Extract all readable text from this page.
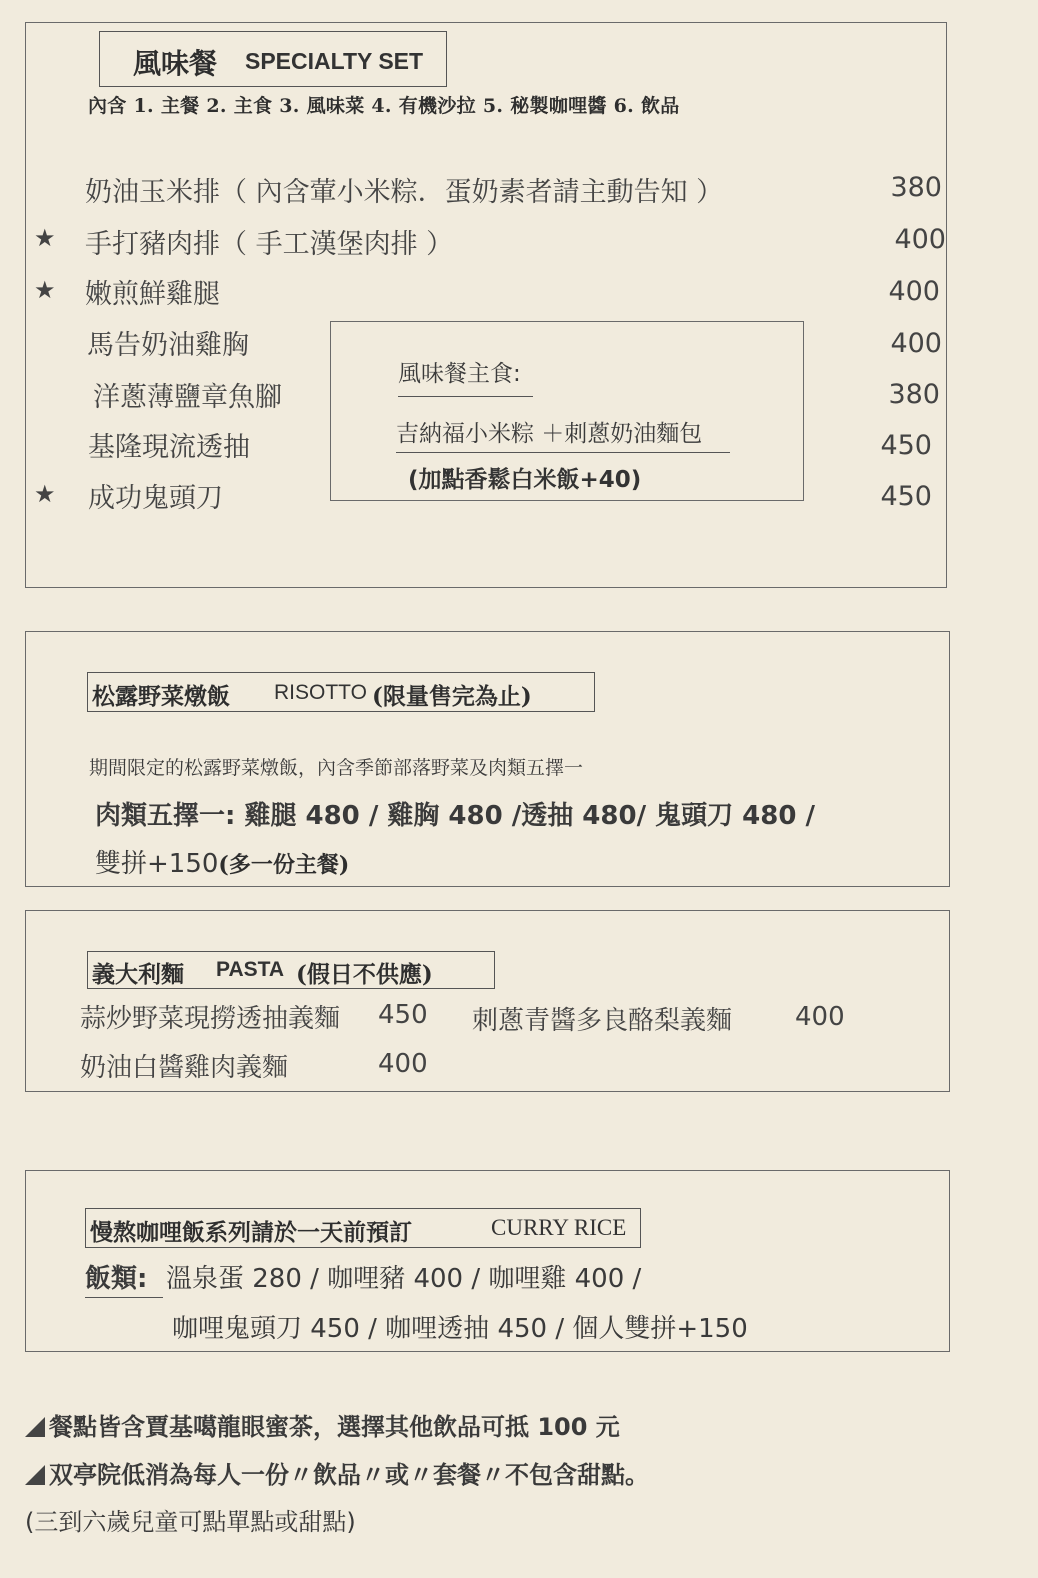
風味餐 SPECIALTY SET
內含 1. 主餐 2. 主食 3. 風味菜 4. 有機沙拉 5. 秘製咖哩醬 6. 飲品
奶油玉米排（ 內含葷小米粽．蛋奶素者請主動告知 ）	380
★ 手打豬肉排（ 手工漢堡肉排 ）	400
★ 嫩煎鮮雞腿	400
馬告奶油雞胸	400
洋蔥薄鹽章魚腳	380
基隆現流透抽	450
★ 成功鬼頭刀	450
風味餐主食:
吉納福小米粽 ＋刺蔥奶油麵包
(加點香鬆白米飯+40)
松露野菜燉飯 RISOTTO (限量售完為止)
期間限定的松露野菜燉飯，內含季節部落野菜及肉類五擇一
肉類五擇一: 雞腿 480 / 雞胸 480 /透抽 480/ 鬼頭刀 480 /
雙拼+150(多一份主餐)
義大利麵 PASTA (假日不供應)
蒜炒野菜現撈透抽義麵 450 刺蔥青醬多良酪梨義麵 400
奶油白醬雞肉義麵	400
慢熬咖哩飯系列請於一天前預訂	CURRY RICE
飯類: 溫泉蛋 280 / 咖哩豬 400 / 咖哩雞 400 /
咖哩鬼頭刀 450 / 咖哩透抽 450 / 個人雙拼+150
餐點皆含賈基噶龍眼蜜茶，選擇其他飲品可抵 100 元
双亭院低消為每人一份〃飲品〃或〃套餐〃不包含甜點。
(三到六歲兒童可點單點或甜點)
